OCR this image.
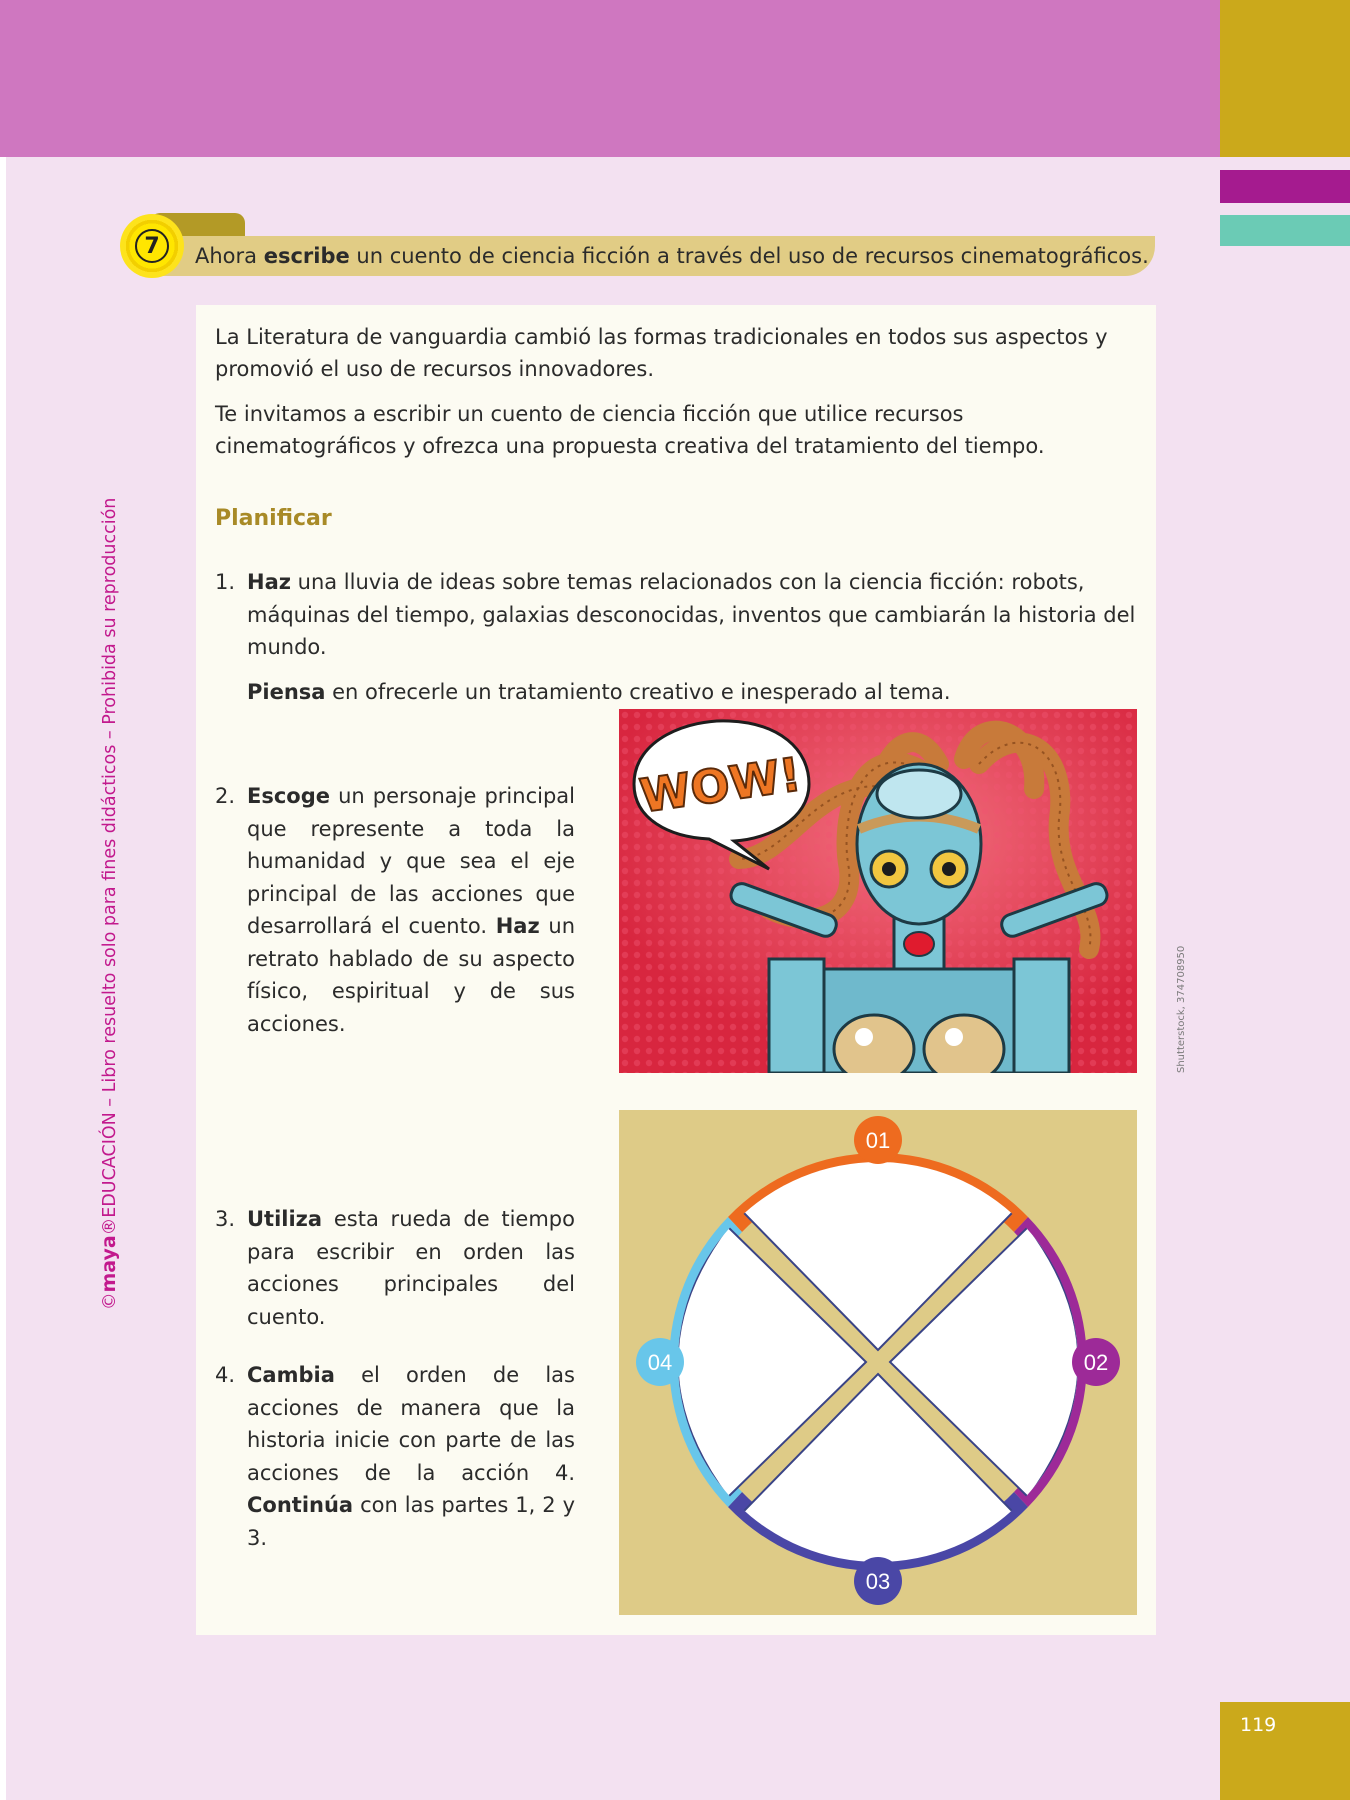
©maya®EDUCACIÓN – Libro resuelto solo para fines didácticos – Prohibida su reproducción
7	Ahora escribe un cuento de ciencia ficción a través del uso de recursos cinematográficos.

La Literatura de vanguardia cambió las formas tradicionales en todos sus aspectos y promovió el uso de recursos innovadores.

Te invitamos a escribir un cuento de ciencia ficción que utilice recursos cinematográficos y ofrezca una propuesta creativa del tratamiento del tiempo.

Planificar
1. Haz una lluvia de ideas sobre temas relacionados con la ciencia ficción: robots, máquinas del tiempo, galaxias desconocidas, inventos que cambiarán la historia del mundo.

Piensa en ofrecerle un tratamiento creativo e inesperado al tema.

2. Escoge un personaje principal que represente a toda la humanidad y que sea el eje principal de las acciones que desarrollará el cuento. Haz un retrato hablado de su aspecto físico, espiritual y de sus acciones.

3. Utiliza esta rueda de tiempo para escribir en orden las acciones principales del cuento.

4. Cambia el orden de las acciones de manera que la historia inicie con parte de las acciones de la acción 4. Continúa con las partes 1, 2 y 3.

WOW!
Shutterstock, 374708950
01
02
03
04
119
